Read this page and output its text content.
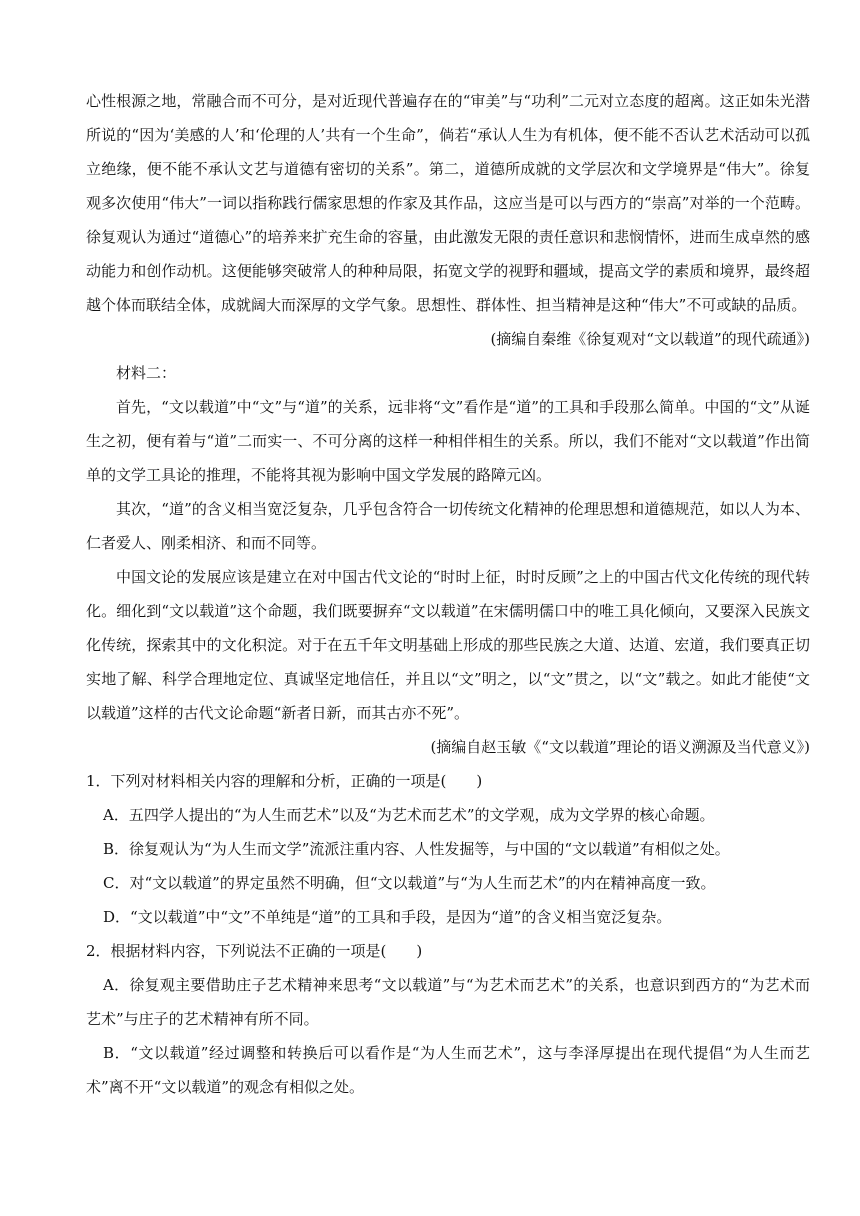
心性根源之地，常融合而不可分，是对近现代普遍存在的“审美”与“功利”二元对立态度的超离。这正如朱光潜所说的“因为‘美感的人’和‘伦理的人’共有一个生命”，倘若“承认人生为有机体，便不能不否认艺术活动可以孤立绝缘，便不能不承认文艺与道德有密切的关系”。第二，道德所成就的文学层次和文学境界是“伟大”。徐复观多次使用“伟大”一词以指称践行儒家思想的作家及其作品，这应当是可以与西方的“崇高”对举的一个范畴。徐复观认为通过“道德心”的培养来扩充生命的容量，由此激发无限的责任意识和悲悯情怀，进而生成卓然的感动能力和创作动机。这便能够突破常人的种种局限，拓宽文学的视野和疆域，提高文学的素质和境界，最终超越个体而联结全体，成就阔大而深厚的文学气象。思想性、群体性、担当精神是这种“伟大”不可或缺的品质。

(摘编自秦维《徐复观对“文以载道”的现代疏通》)

材料二：

首先，“文以载道”中“文”与“道”的关系，远非将“文”看作是“道”的工具和手段那么简单。中国的“文”从诞生之初，便有着与“道”二而实一、不可分离的这样一种相伴相生的关系。所以，我们不能对“文以载道”作出简单的文学工具论的推理，不能将其视为影响中国文学发展的路障元凶。

其次，“道”的含义相当宽泛复杂，几乎包含符合一切传统文化精神的伦理思想和道德规范，如以人为本、仁者爱人、刚柔相济、和而不同等。

中国文论的发展应该是建立在对中国古代文论的“时时上征，时时反顾”之上的中国古代文化传统的现代转化。细化到“文以载道”这个命题，我们既要摒弃“文以载道”在宋儒明儒口中的唯工具化倾向，又要深入民族文化传统，探索其中的文化积淀。对于在五千年文明基础上形成的那些民族之大道、达道、宏道，我们要真正切实地了解、科学合理地定位、真诚坚定地信任，并且以“文”明之，以“文”贯之，以“文”载之。如此才能使“文以载道”这样的古代文论命题“新者日新，而其古亦不死”。

(摘编自赵玉敏《“文以载道”理论的语义溯源及当代意义》)

1．下列对材料相关内容的理解和分析，正确的一项是(　　)

A．五四学人提出的“为人生而艺术”以及“为艺术而艺术”的文学观，成为文学界的核心命题。

B．徐复观认为“为人生而文学”流派注重内容、人性发掘等，与中国的“文以载道”有相似之处。

C．对“文以载道”的界定虽然不明确，但“文以载道”与“为人生而艺术”的内在精神高度一致。

D．“文以载道”中“文”不单纯是“道”的工具和手段，是因为“道”的含义相当宽泛复杂。

2．根据材料内容，下列说法不正确的一项是(　　)

A．徐复观主要借助庄子艺术精神来思考“文以载道”与“为艺术而艺术”的关系，也意识到西方的“为艺术而艺术”与庄子的艺术精神有所不同。

B．“文以载道”经过调整和转换后可以看作是“为人生而艺术”，这与李泽厚提出在现代提倡“为人生而艺术”离不开“文以载道”的观念有相似之处。
